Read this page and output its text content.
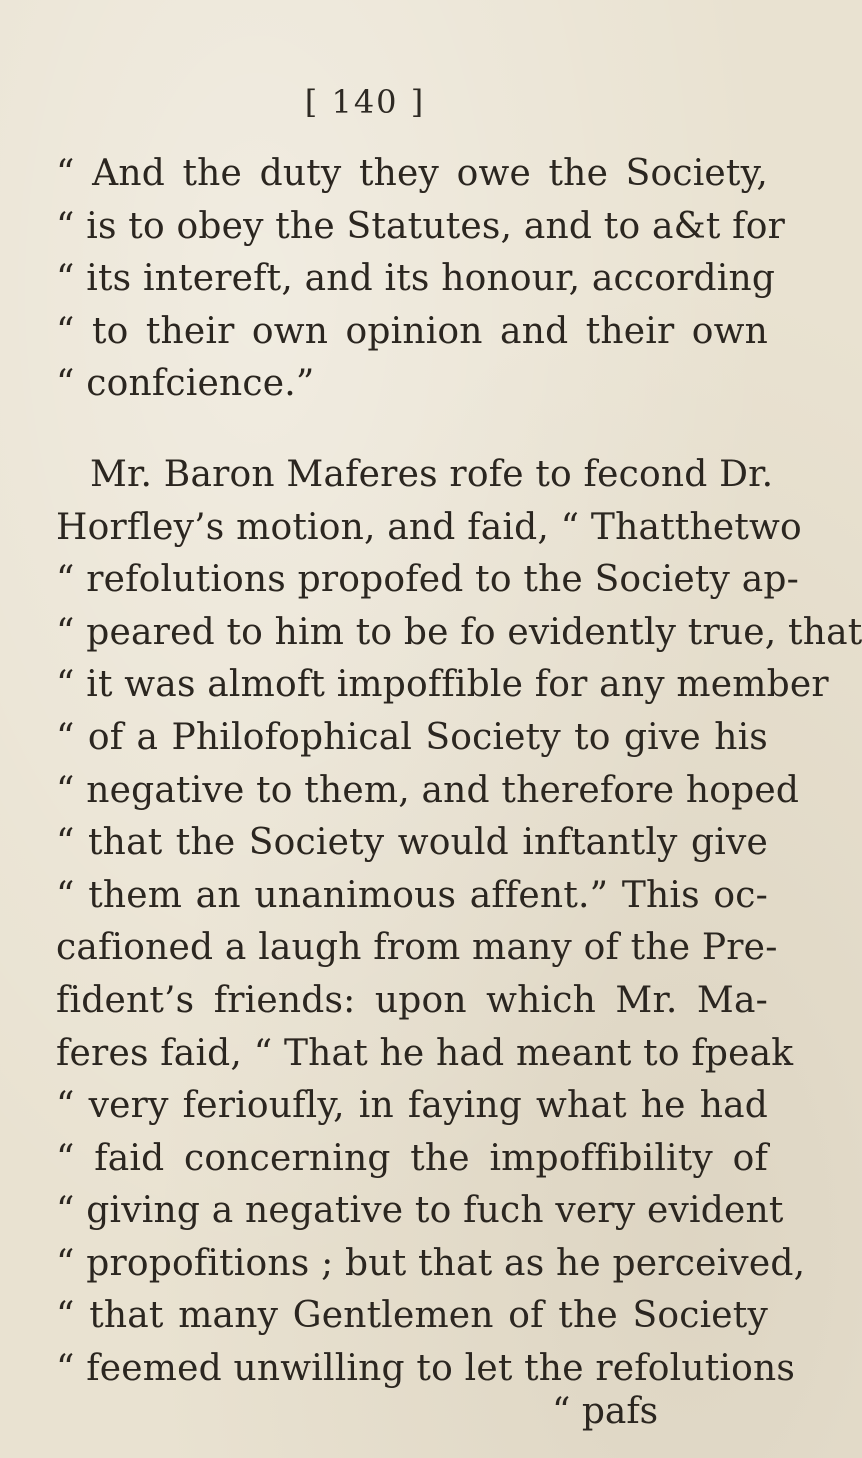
[ 140 ]
“ And the duty they owe the Society,
“ is to obey the Statutes, and to a&t for
“ its intereft, and its honour, according
“ to their own opinion and their own
“ confcience.”
Mr. Baron Maferes rofe to fecond Dr.
Horfley’s motion, and faid, “ Thatthetwo
“ refolutions propofed to the Society ap-
“ peared to him to be fo evidently true, that
“ it was almoft impoffible for any member
“ of a Philofophical Society to give his
“ negative to them, and therefore hoped
“ that the Society would inftantly give
“ them an unanimous affent.” This oc-
cafioned a laugh from many of the Pre-
fident’s friends: upon which Mr. Ma-
feres faid, “ That he had meant to fpeak
“ very ferioufly, in faying what he had
“ faid concerning the impoffibility of
“ giving a negative to fuch very evident
“ propofitions ; but that as he perceived,
“ that many Gentlemen of the Society
“ feemed unwilling to let the refolutions
“ pafs
